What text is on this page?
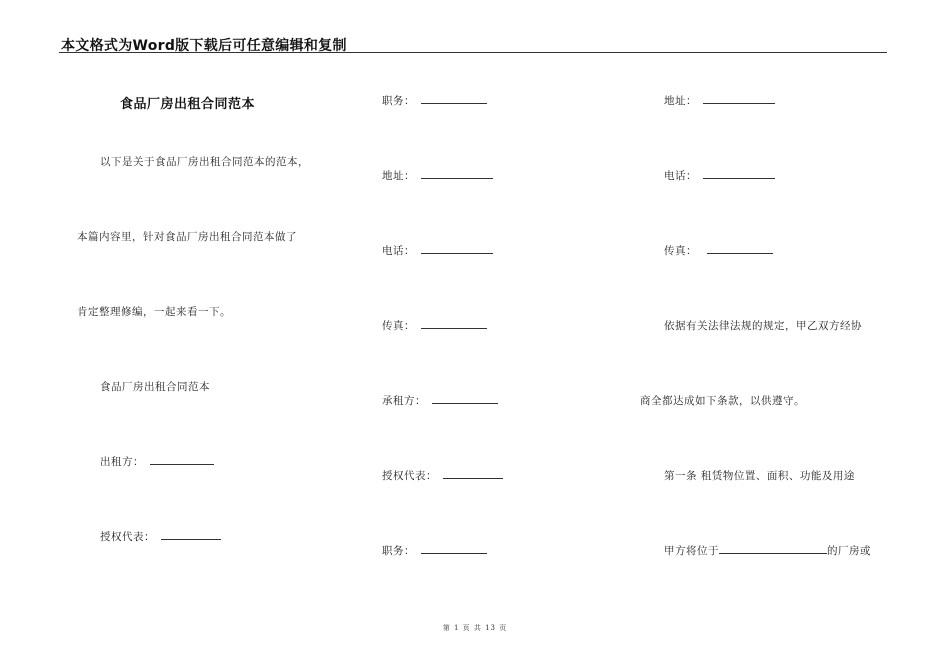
本文格式为Word版下载后可任意编辑和复制
食品厂房出租合同范本
以下是关于食品厂房出租合同范本的范本，
本篇内容里，针对食品厂房出租合同范本做了
肯定整理修编，一起来看一下。
食品厂房出租合同范本
出租方：
授权代表：
职务：
地址：
电话：
传真：
承租方：
授权代表：
职务：
地址：
电话：
传真：
依据有关法律法规的规定，甲乙双方经协
商全都达成如下条款，以供遵守。
第一条 租赁物位置、面积、功能及用途
甲方将位于	的厂房或
第 1 页 共 13 页
